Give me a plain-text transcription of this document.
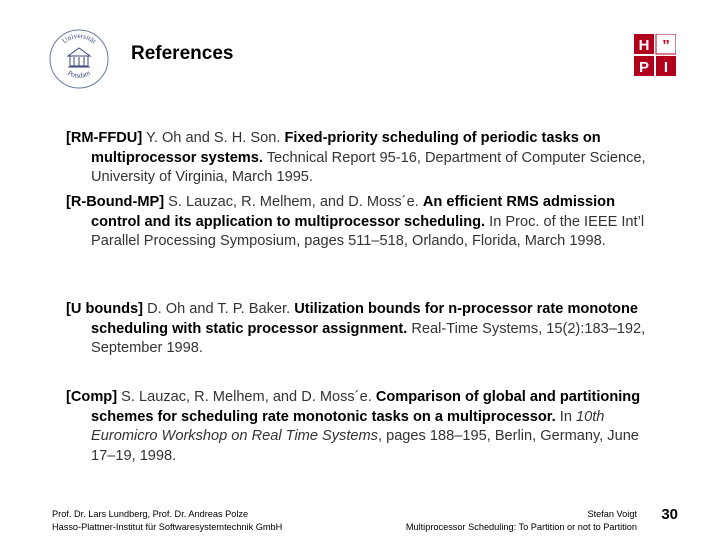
Universität
Potsdam
References	H ”
P I
[RM-FFDU] Y. Oh and S. H. Son. Fixed-priority scheduling of periodic tasks on multiprocessor systems. Technical Report 95-16, Department of Computer Science, University of Virginia, March 1995.
[R-Bound-MP] S. Lauzac, R. Melhem, and D. Moss´e. An efficient RMS admission control and its application to multiprocessor scheduling. In Proc. of the IEEE Int’l Parallel Processing Symposium, pages 511–518, Orlando, Florida, March 1998.
[U bounds] D. Oh and T. P. Baker. Utilization bounds for n-processor rate monotone scheduling with static processor assignment. Real-Time Systems, 15(2):183–192, September 1998.
[Comp] S. Lauzac, R. Melhem, and D. Moss´e. Comparison of global and partitioning schemes for scheduling rate monotonic tasks on a multiprocessor. In 10th Euromicro Workshop on Real Time Systems, pages 188–195, Berlin, Germany, June 17–19, 1998.
Prof. Dr. Lars Lundberg, Prof. Dr. Andreas Polze
Hasso-Plattner-Institut für Softwaresystemtechnik GmbH
Stefan Voigt
Multiprocessor Scheduling: To Partition or not to Partition
30
